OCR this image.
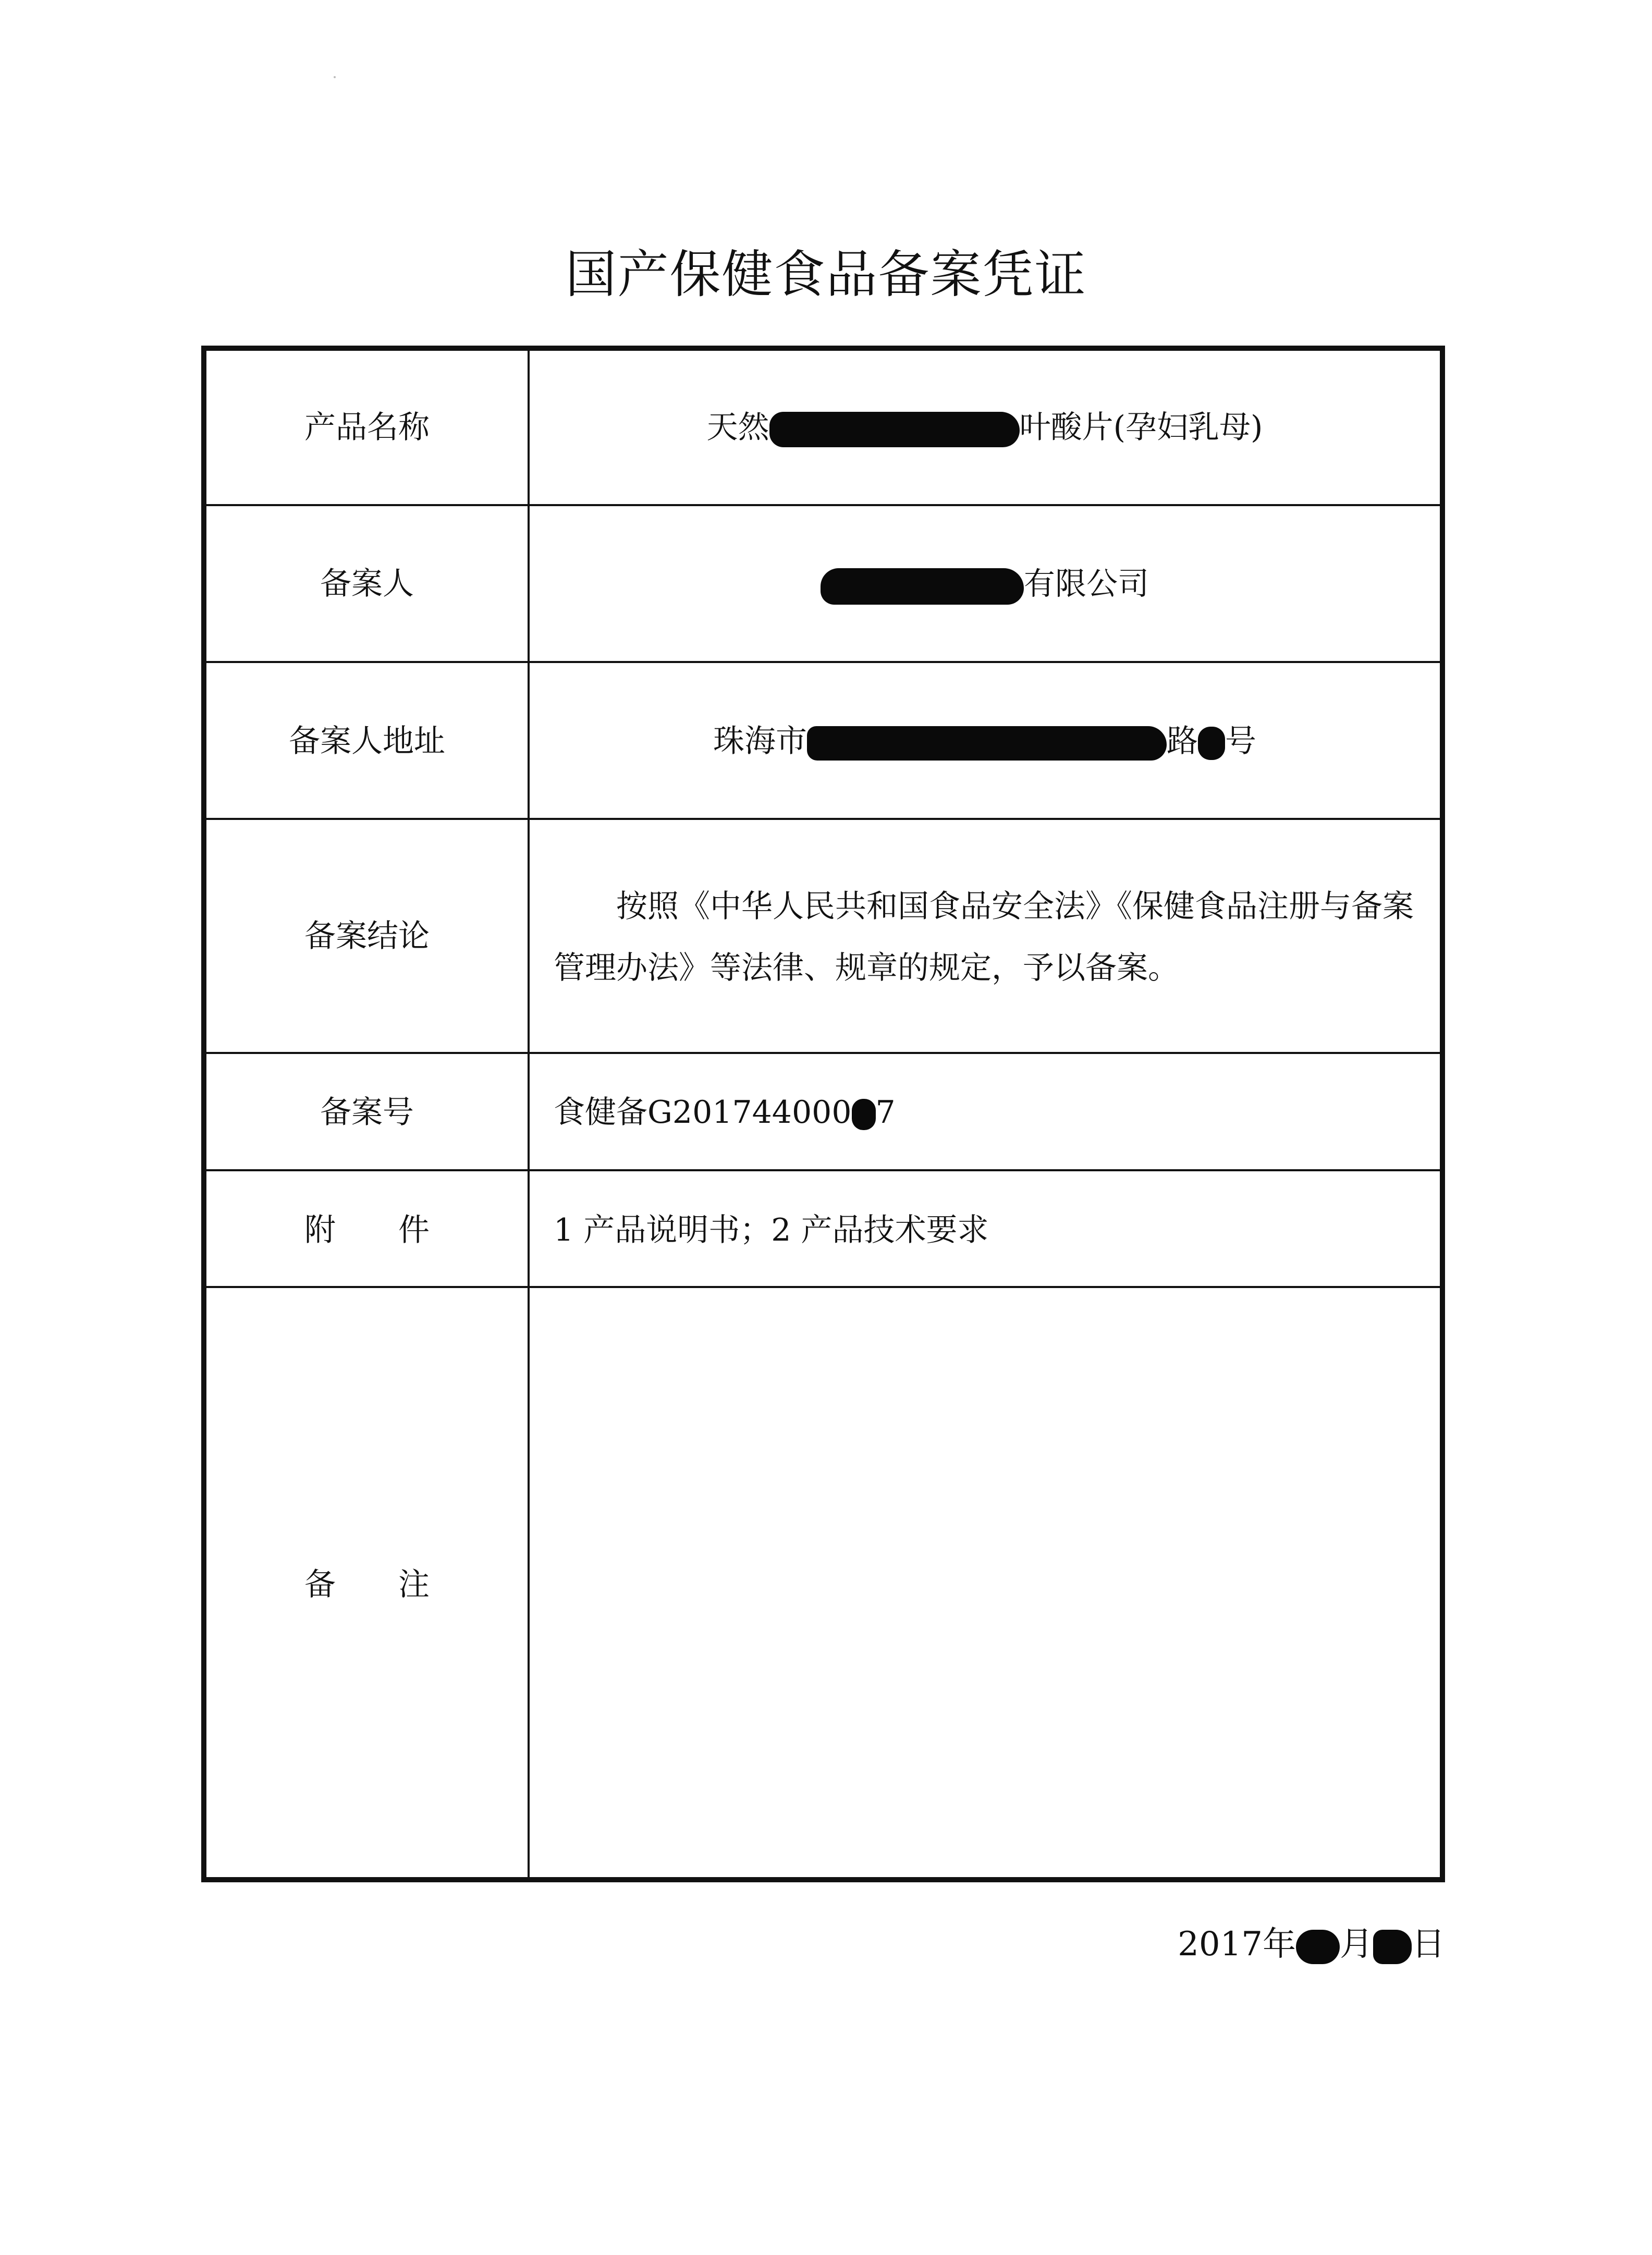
国产保健食品备案凭证
产品名称	天然	叶酸片(孕妇乳母)
备案人	有限公司
备案人地址	珠海市	路 号
备案结论
按照《中华人民共和国食品安全法》《保健食品注册与备案管理办法》等法律、规章的规定，予以备案。
备案号	食健备G201744000 7
附　　件	1 产品说明书；2 产品技术要求
备　　注
2017年 月 日
